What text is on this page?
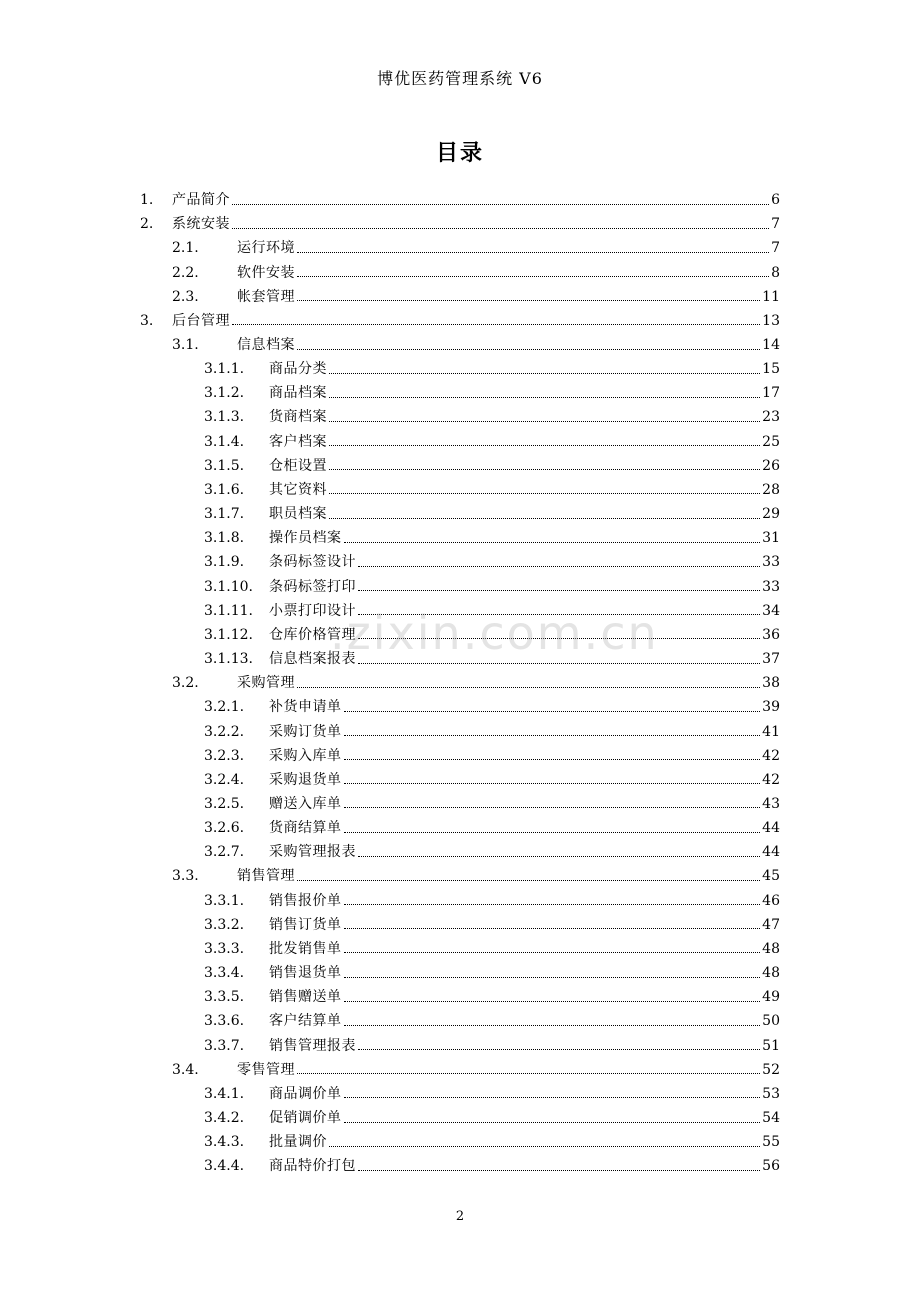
博优医药管理系统 V6
目录
1.	产品简介	6
2.	系统安装	7
2.1.	运行环境	7
2.2.	软件安装	8
2.3.	帐套管理	11
3.	后台管理	13
3.1.	信息档案	14
3.1.1.	商品分类	15
3.1.2.	商品档案	17
3.1.3.	货商档案	23
3.1.4.	客户档案	25
3.1.5.	仓柜设置	26
3.1.6.	其它资料	28
3.1.7.	职员档案	29
3.1.8.	操作员档案	31
3.1.9.	条码标签设计	33
3.1.10.	条码标签打印	33
3.1.11.	小票打印设计	34
3.1.12.	仓库价格管理	36
3.1.13.	信息档案报表	37
3.2.	采购管理	38
3.2.1.	补货申请单	39
3.2.2.	采购订货单	41
3.2.3.	采购入库单	42
3.2.4.	采购退货单	42
3.2.5.	赠送入库单	43
3.2.6.	货商结算单	44
3.2.7.	采购管理报表	44
3.3.	销售管理	45
3.3.1.	销售报价单	46
3.3.2.	销售订货单	47
3.3.3.	批发销售单	48
3.3.4.	销售退货单	48
3.3.5.	销售赠送单	49
3.3.6.	客户结算单	50
3.3.7.	销售管理报表	51
3.4.	零售管理	52
3.4.1.	商品调价单	53
3.4.2.	促销调价单	54
3.4.3.	批量调价	55
3.4.4.	商品特价打包	56
.zixin.com.cn
2
